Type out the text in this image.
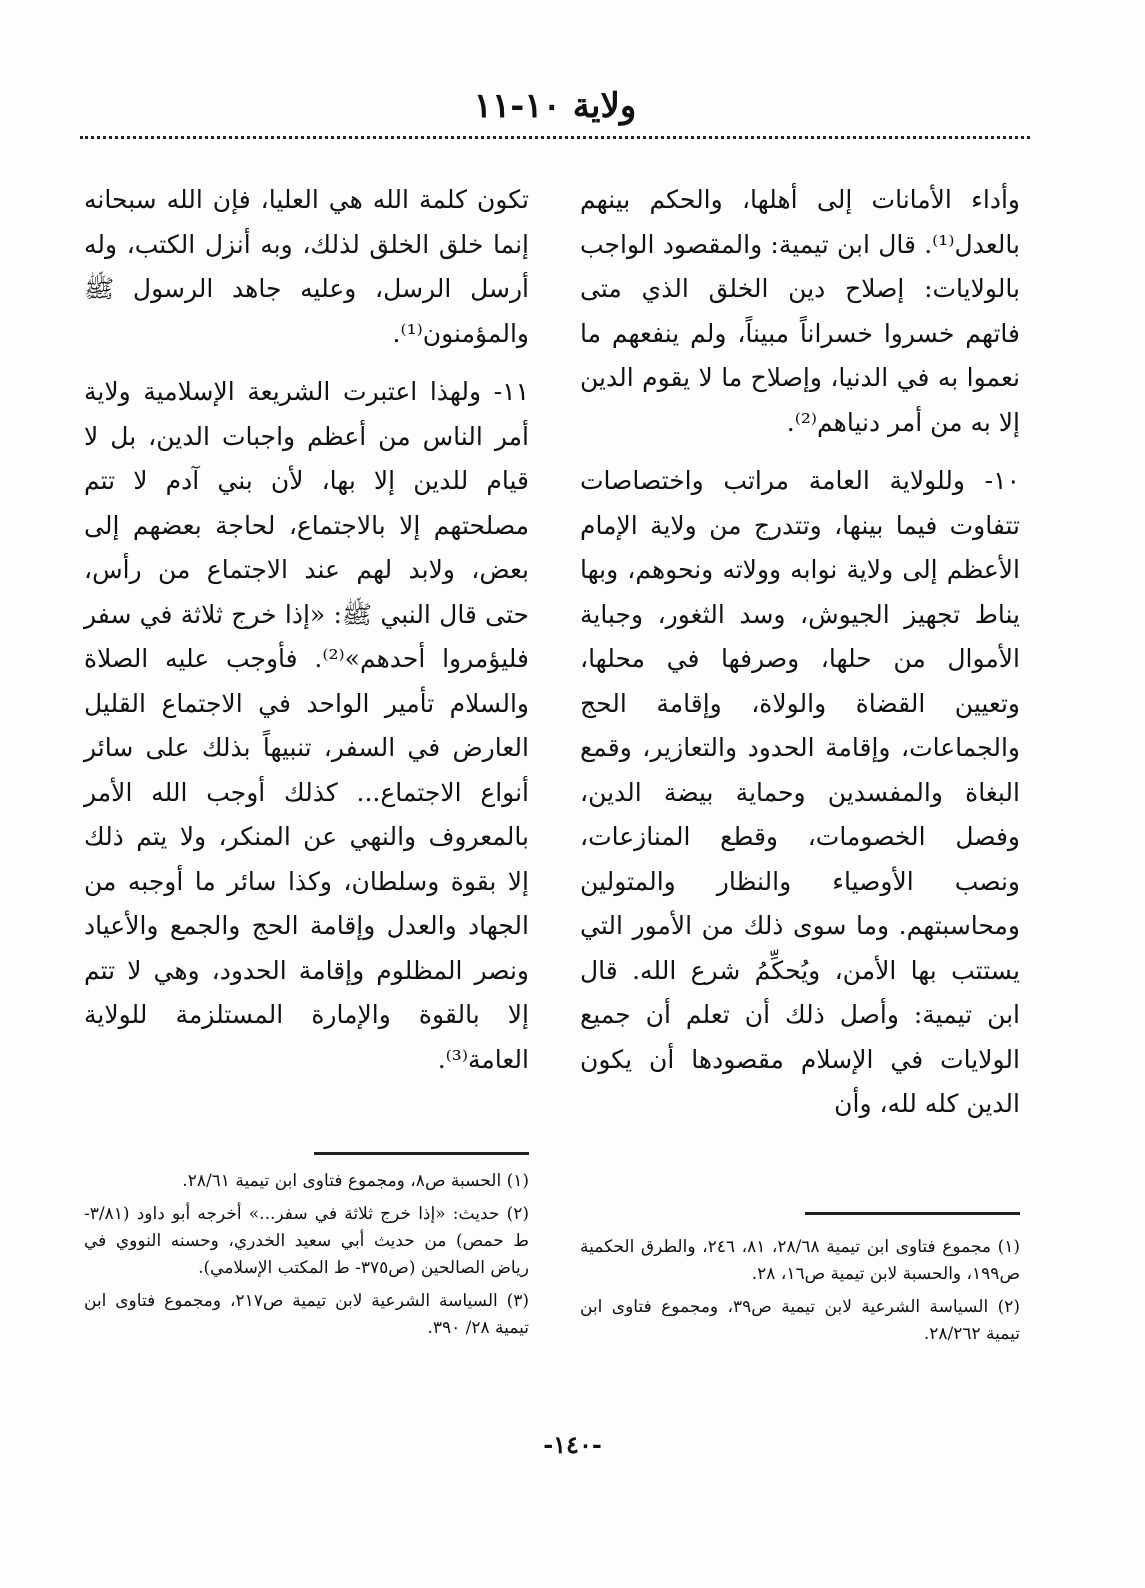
ولاية ١٠-١١

وأداء الأمانات إلى أهلها، والحكم بينهم بالعدل⁽¹⁾. قال ابن تيمية: والمقصود الواجب بالولايات: إصلاح دين الخلق الذي متى فاتهم خسروا خسراناً مبيناً، ولم ينفعهم ما نعموا به في الدنيا، وإصلاح ما لا يقوم الدين إلا به من أمر دنياهم⁽²⁾.

١٠- وللولاية العامة مراتب واختصاصات تتفاوت فيما بينها، وتتدرج من ولاية الإمام الأعظم إلى ولاية نوابه وولاته ونحوهم، وبها يناط تجهيز الجيوش، وسد الثغور، وجباية الأموال من حلها، وصرفها في محلها، وتعيين القضاة والولاة، وإقامة الحج والجماعات، وإقامة الحدود والتعازير، وقمع البغاة والمفسدين وحماية بيضة الدين، وفصل الخصومات، وقطع المنازعات، ونصب الأوصياء والنظار والمتولين ومحاسبتهم. وما سوى ذلك من الأمور التي يستتب بها الأمن، ويُحكِّمُ شرع الله. قال ابن تيمية: وأصل ذلك أن تعلم أن جميع الولايات في الإسلام مقصودها أن يكون الدين كله لله، وأن

تكون كلمة الله هي العليا، فإن الله سبحانه إنما خلق الخلق لذلك، وبه أنزل الكتب، وله أرسل الرسل، وعليه جاهد الرسول ﷺ والمؤمنون⁽¹⁾.

١١- ولهذا اعتبرت الشريعة الإسلامية ولاية أمر الناس من أعظم واجبات الدين، بل لا قيام للدين إلا بها، لأن بني آدم لا تتم مصلحتهم إلا بالاجتماع، لحاجة بعضهم إلى بعض، ولابد لهم عند الاجتماع من رأس، حتى قال النبي ﷺ: «إذا خرج ثلاثة في سفر فليؤمروا أحدهم»⁽²⁾. فأوجب عليه الصلاة والسلام تأمير الواحد في الاجتماع القليل العارض في السفر، تنبيهاً بذلك على سائر أنواع الاجتماع... كذلك أوجب الله الأمر بالمعروف والنهي عن المنكر، ولا يتم ذلك إلا بقوة وسلطان، وكذا سائر ما أوجبه من الجهاد والعدل وإقامة الحج والجمع والأعياد ونصر المظلوم وإقامة الحدود، وهي لا تتم إلا بالقوة والإمارة المستلزمة للولاية العامة⁽³⁾.

(١) مجموع فتاوى ابن تيمية ٢٨/٦٨، ٨١، ٢٤٦، والطرق الحكمية ص١٩٩، والحسبة لابن تيمية ص١٦، ٢٨.

(٢) السياسة الشرعية لابن تيمية ص٣٩، ومجموع فتاوى ابن تيمية ٢٨/٢٦٢.

(١) الحسبة ص٨، ومجموع فتاوى ابن تيمية ٢٨/٦١.

(٢) حديث: «إذا خرج ثلاثة في سفر...» أخرجه أبو داود (٣/٨١- ط حمص) من حديث أبي سعيد الخدري، وحسنه النووي في رياض الصالحين (ص٣٧٥- ط المكتب الإسلامي).

(٣) السياسة الشرعية لابن تيمية ص٢١٧، ومجموع فتاوى ابن تيمية ٢٨/ ٣٩٠.

-١٤٠-
